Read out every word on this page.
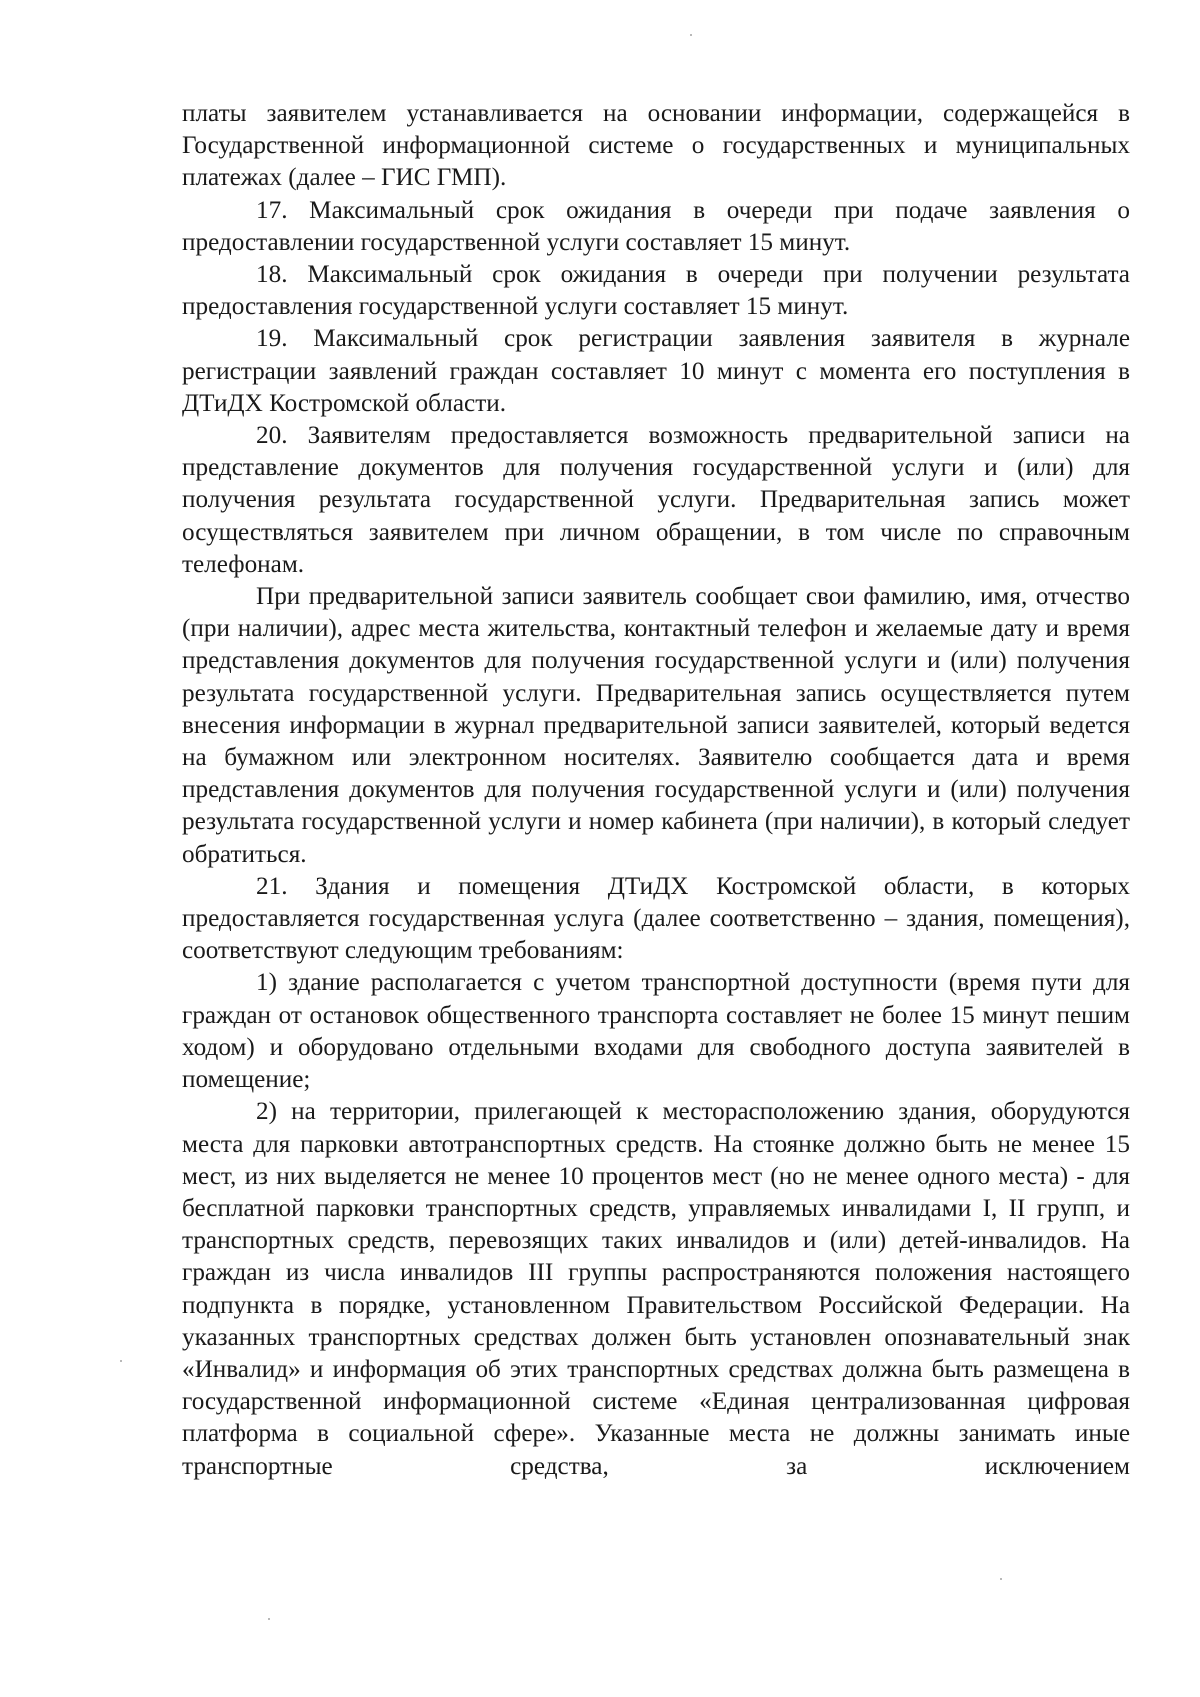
платы заявителем устанавливается на основании информации, содержащейся в Государственной информационной системе о государственных и муниципальных платежах (далее – ГИС ГМП).

17. Максимальный срок ожидания в очереди при подаче заявления о предоставлении государственной услуги составляет 15 минут.

18. Максимальный срок ожидания в очереди при получении результата предоставления государственной услуги составляет 15 минут.

19. Максимальный срок регистрации заявления заявителя в журнале регистрации заявлений граждан составляет 10 минут с момента его поступления в ДТиДХ Костромской области.

20. Заявителям предоставляется возможность предварительной записи на представление документов для получения государственной услуги и (или) для получения результата государственной услуги. Предварительная запись может осуществляться заявителем при личном обращении, в том числе по справочным телефонам.

При предварительной записи заявитель сообщает свои фамилию, имя, отчество (при наличии), адрес места жительства, контактный телефон и желаемые дату и время представления документов для получения государственной услуги и (или) получения результата государственной услуги. Предварительная запись осуществляется путем внесения информации в журнал предварительной записи заявителей, который ведется на бумажном или электронном носителях. Заявителю сообщается дата и время представления документов для получения государственной услуги и (или) получения результата государственной услуги и номер кабинета (при наличии), в который следует обратиться.

21. Здания и помещения ДТиДХ Костромской области, в которых предоставляется государственная услуга (далее соответственно – здания, помещения), соответствуют следующим требованиям:

1) здание располагается с учетом транспортной доступности (время пути для граждан от остановок общественного транспорта составляет не более 15 минут пешим ходом) и оборудовано отдельными входами для свободного доступа заявителей в помещение;

2) на территории, прилегающей к месторасположению здания, оборудуются места для парковки автотранспортных средств. На стоянке должно быть не менее 15 мест, из них выделяется не менее 10 процентов мест (но не менее одного места) - для бесплатной парковки транспортных средств, управляемых инвалидами I, II групп, и транспортных средств, перевозящих таких инвалидов и (или) детей-инвалидов. На граждан из числа инвалидов III группы распространяются положения настоящего подпункта в порядке, установленном Правительством Российской Федерации. На указанных транспортных средствах должен быть установлен опознавательный знак «Инвалид» и информация об этих транспортных средствах должна быть размещена в государственной информационной системе «Единая централизованная цифровая платформа в социальной сфере». Указанные места не должны занимать иные транспортные средства, за исключением
